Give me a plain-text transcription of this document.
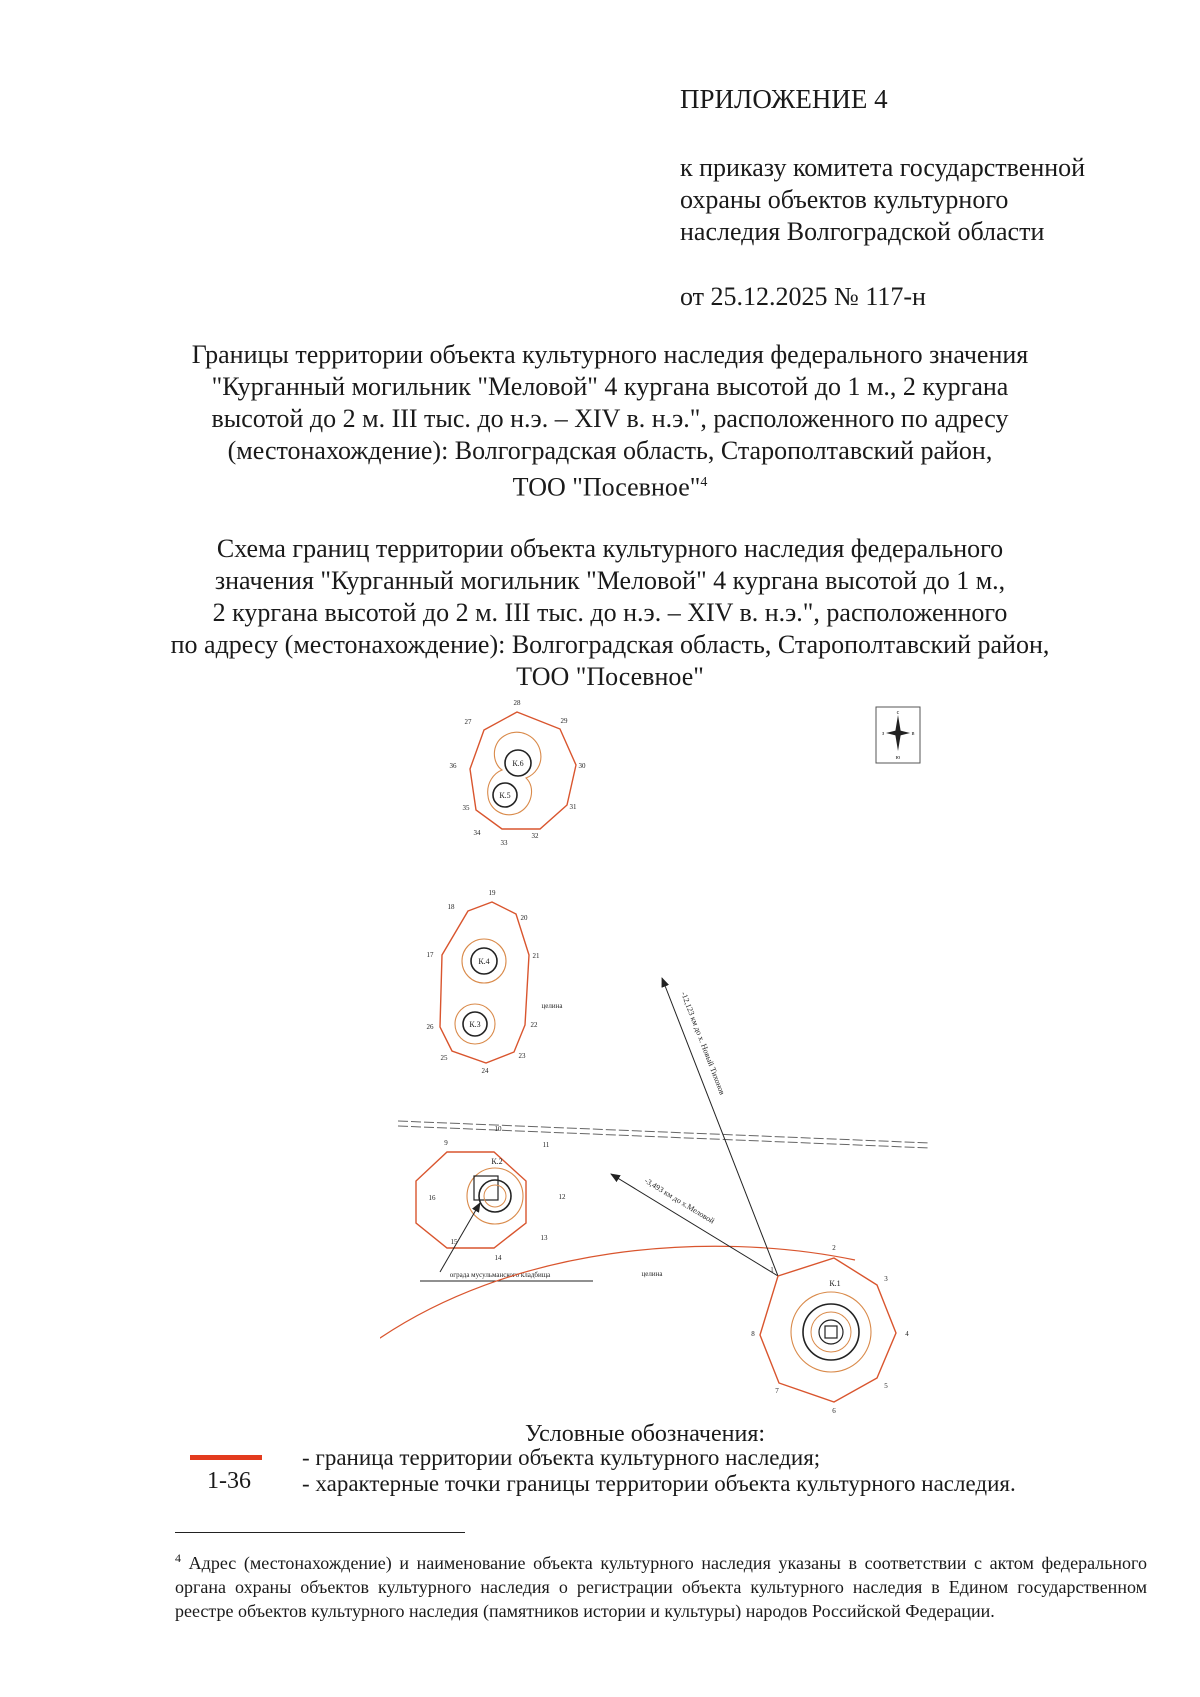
ПРИЛОЖЕНИЕ 4
к приказу комитета государственной
охраны объектов культурного
наследия Волгоградской области
от 25.12.2025 № 117-н
Границы территории объекта культурного наследия федерального значения
"Курганный могильник "Меловой" 4 кургана высотой до 1 м., 2 кургана
высотой до 2 м. III тыс. до н.э. – XIV в. н.э.", расположенного по адресу
(местонахождение): Волгоградская область, Старополтавский район,
ТОО "Посевное"$^4$
Схема границ территории объекта культурного наследия федерального
значения "Курганный могильник "Меловой" 4 кургана высотой до 1 м.,
2 кургана высотой до 2 м. III тыс. до н.э. – XIV в. н.э.", расположенного
по адресу (местонахождение): Волгоградская область, Старополтавский район,
ТОО "Посевное"
с
ю
з	в
К.6
К.5
28
29
30
31
32
33
34
35
36
27
К.4
К.3
18
19
20
21
22
23
24
25
26
17
целина
К.2
10
9	11
12
13
14
15
16
ограда мусульманского кладбища	целина
-12,123 км до х. Новый Тихонов
-3,493 км до х.Меловой
К.1
1
2
3
4
5
6
7
8
Условные обозначения:
1-36
- граница территории объекта культурного наследия;
- характерные точки границы территории объекта культурного наследия.
$^4$ Адрес (местонахождение) и наименование объекта культурного наследия указаны в соответствии с актом федерального органа охраны объектов культурного наследия о регистрации объекта культурного наследия в Едином государственном реестре объектов культурного наследия (памятников истории и культуры) народов Российской Федерации.
